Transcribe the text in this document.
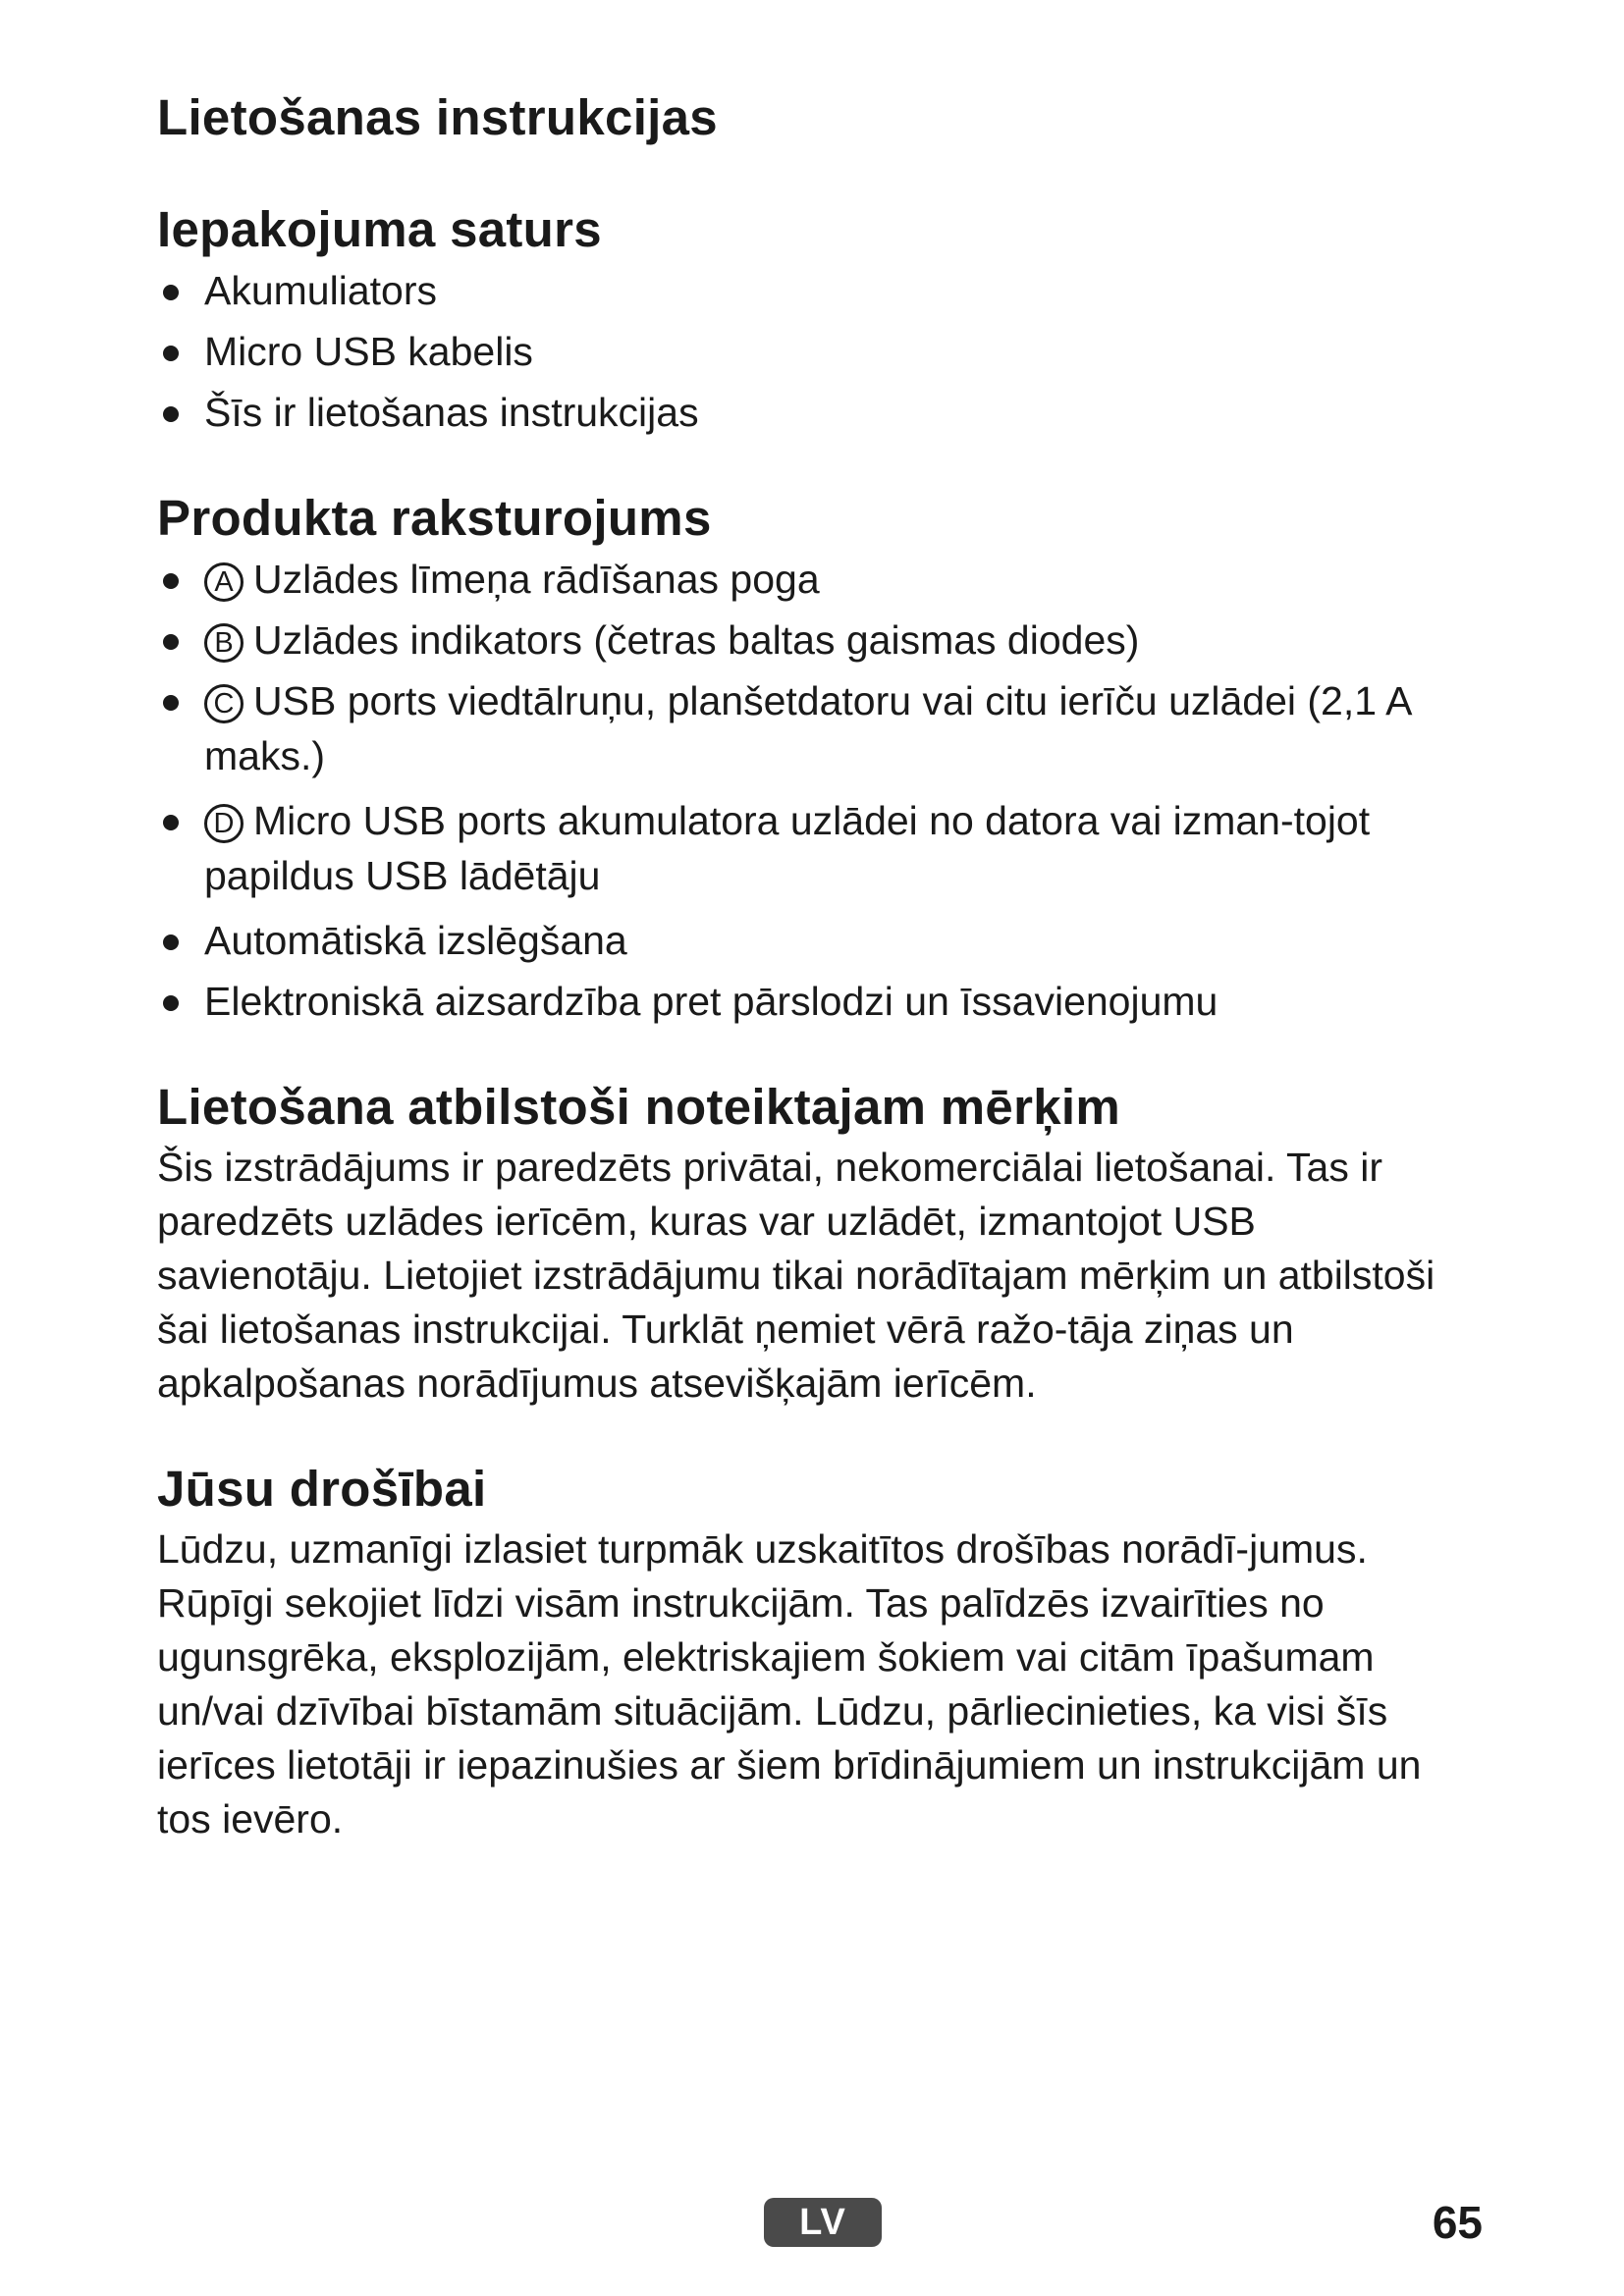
Lietošanas instrukcijas
Iepakojuma saturs
Akumuliators
Micro USB kabelis
Šīs ir lietošanas instrukcijas
Produkta raksturojums
A Uzlādes līmeņa rādīšanas poga
B Uzlādes indikators (četras baltas gaismas diodes)
C USB ports viedtālruņu, planšetdatoru vai citu ierīču uzlādei (2,1 A maks.)
D Micro USB ports akumulatora uzlādei no datora vai izman-tojot papildus USB lādētāju
Automātiskā izslēgšana
Elektroniskā aizsardzība pret pārslodzi un īssavienojumu
Lietošana atbilstoši noteiktajam mērķim

Šis izstrādājums ir paredzēts privātai, nekomerciālai lietošanai. Tas ir paredzēts uzlādes ierīcēm, kuras var uzlādēt, izmantojot USB savienotāju. Lietojiet izstrādājumu tikai norādītajam mērķim un atbilstoši šai lietošanas instrukcijai. Turklāt ņemiet vērā ražo-tāja ziņas un apkalpošanas norādījumus atsevišķajām ierīcēm.

Jūsu drošībai

Lūdzu, uzmanīgi izlasiet turpmāk uzskaitītos drošības norādī-jumus. Rūpīgi sekojiet līdzi visām instrukcijām. Tas palīdzēs izvairīties no ugunsgrēka, eksplozijām, elektriskajiem šokiem vai citām īpašumam un/vai dzīvībai bīstamām situācijām. Lūdzu, pārliecinieties, ka visi šīs ierīces lietotāji ir iepazinušies ar šiem brīdinājumiem un instrukcijām un tos ievēro.

LV	65
